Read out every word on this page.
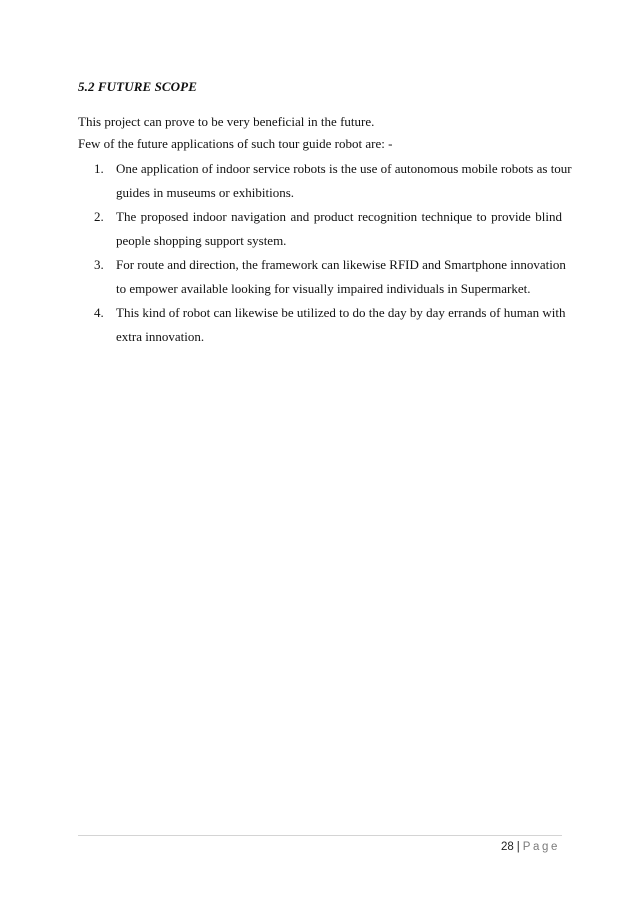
5.2 FUTURE SCOPE
This project can prove to be very beneficial in the future.
Few of the future applications of such tour guide robot are: -
1. One application of indoor service robots is the use of autonomous mobile robots as tour
guides in museums or exhibitions.
2. The proposed indoor navigation and product recognition technique to provide blind
people shopping support system.
3. For route and direction, the framework can likewise RFID and Smartphone innovation
to empower available looking for visually impaired individuals in Supermarket.
4. This kind of robot can likewise be utilized to do the day by day errands of human with
extra innovation.
28 | Page
